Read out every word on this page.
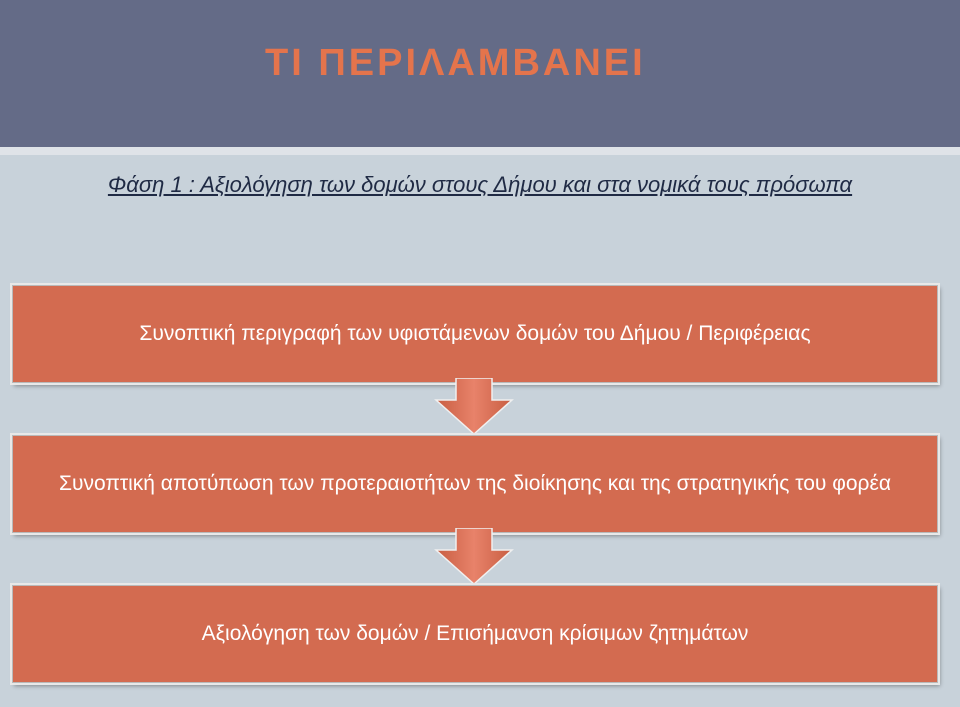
ΤΙ ΠΕΡΙΛΑΜΒΑΝΕΙ
Φάση 1 : Αξιολόγηση των δομών στους Δήμου και στα νομικά τους πρόσωπα
Συνοπτική περιγραφή των υφιστάμενων δομών του Δήμου / Περιφέρειας
Συνοπτική αποτύπωση των προτεραιοτήτων της διοίκησης και της στρατηγικής του φορέα
Αξιολόγηση των δομών / Επισήμανση κρίσιμων ζητημάτων
